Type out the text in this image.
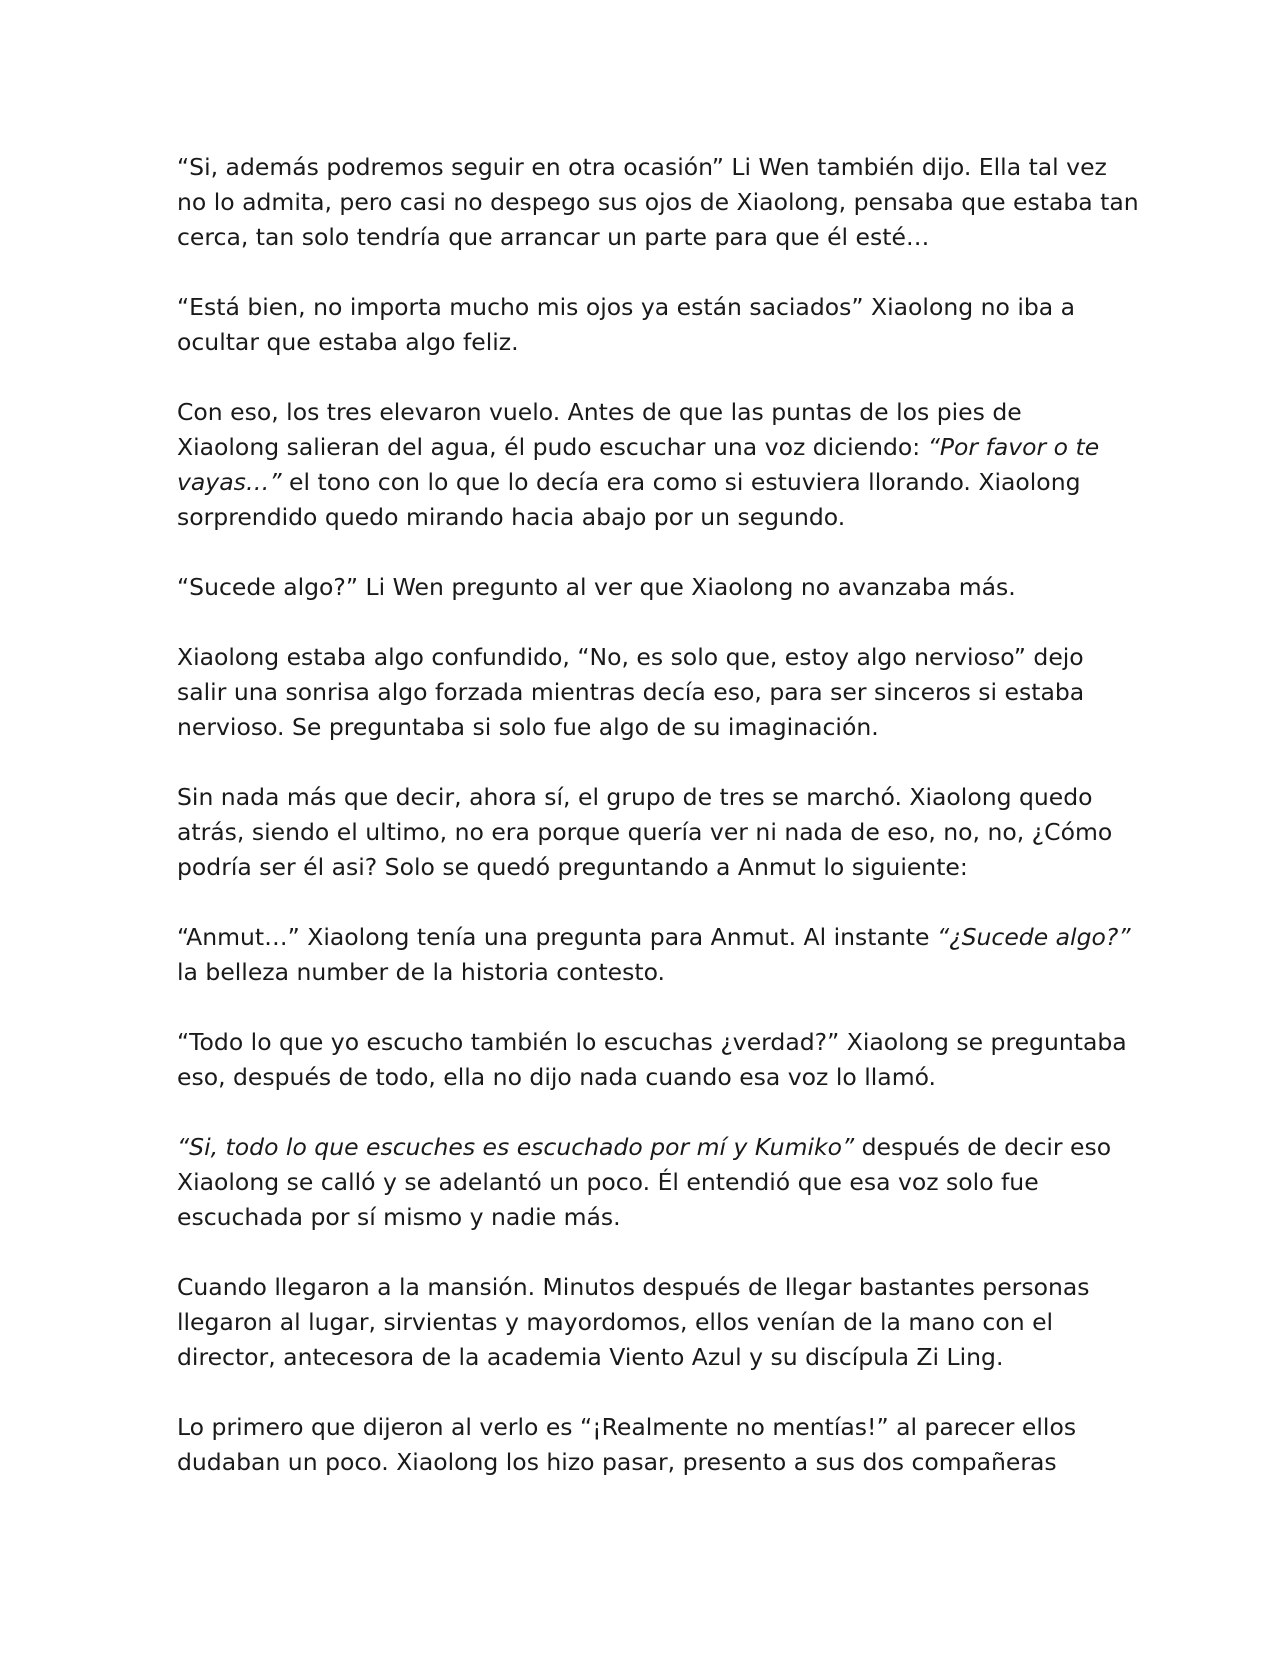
“Si, además podremos seguir en otra ocasión” Li Wen también dijo. Ella tal vez
no lo admita, pero casi no despego sus ojos de Xiaolong, pensaba que estaba tan
cerca, tan solo tendría que arrancar un parte para que él esté…

“Está bien, no importa mucho mis ojos ya están saciados” Xiaolong no iba a
ocultar que estaba algo feliz.

Con eso, los tres elevaron vuelo. Antes de que las puntas de los pies de
Xiaolong salieran del agua, él pudo escuchar una voz diciendo: “Por favor o te
vayas…” el tono con lo que lo decía era como si estuviera llorando. Xiaolong
sorprendido quedo mirando hacia abajo por un segundo.

“Sucede algo?” Li Wen pregunto al ver que Xiaolong no avanzaba más.

Xiaolong estaba algo confundido, “No, es solo que, estoy algo nervioso” dejo
salir una sonrisa algo forzada mientras decía eso, para ser sinceros si estaba
nervioso. Se preguntaba si solo fue algo de su imaginación.

Sin nada más que decir, ahora sí, el grupo de tres se marchó. Xiaolong quedo
atrás, siendo el ultimo, no era porque quería ver ni nada de eso, no, no, ¿Cómo
podría ser él asi? Solo se quedó preguntando a Anmut lo siguiente:

“Anmut…” Xiaolong tenía una pregunta para Anmut. Al instante “¿Sucede algo?”
la belleza number de la historia contesto.

“Todo lo que yo escucho también lo escuchas ¿verdad?” Xiaolong se preguntaba
eso, después de todo, ella no dijo nada cuando esa voz lo llamó.

“Si, todo lo que escuches es escuchado por mí y Kumiko” después de decir eso
Xiaolong se calló y se adelantó un poco. Él entendió que esa voz solo fue
escuchada por sí mismo y nadie más.

Cuando llegaron a la mansión. Minutos después de llegar bastantes personas
llegaron al lugar, sirvientas y mayordomos, ellos venían de la mano con el
director, antecesora de la academia Viento Azul y su discípula Zi Ling.

Lo primero que dijeron al verlo es “¡Realmente no mentías!” al parecer ellos
dudaban un poco. Xiaolong los hizo pasar, presento a sus dos compañeras
